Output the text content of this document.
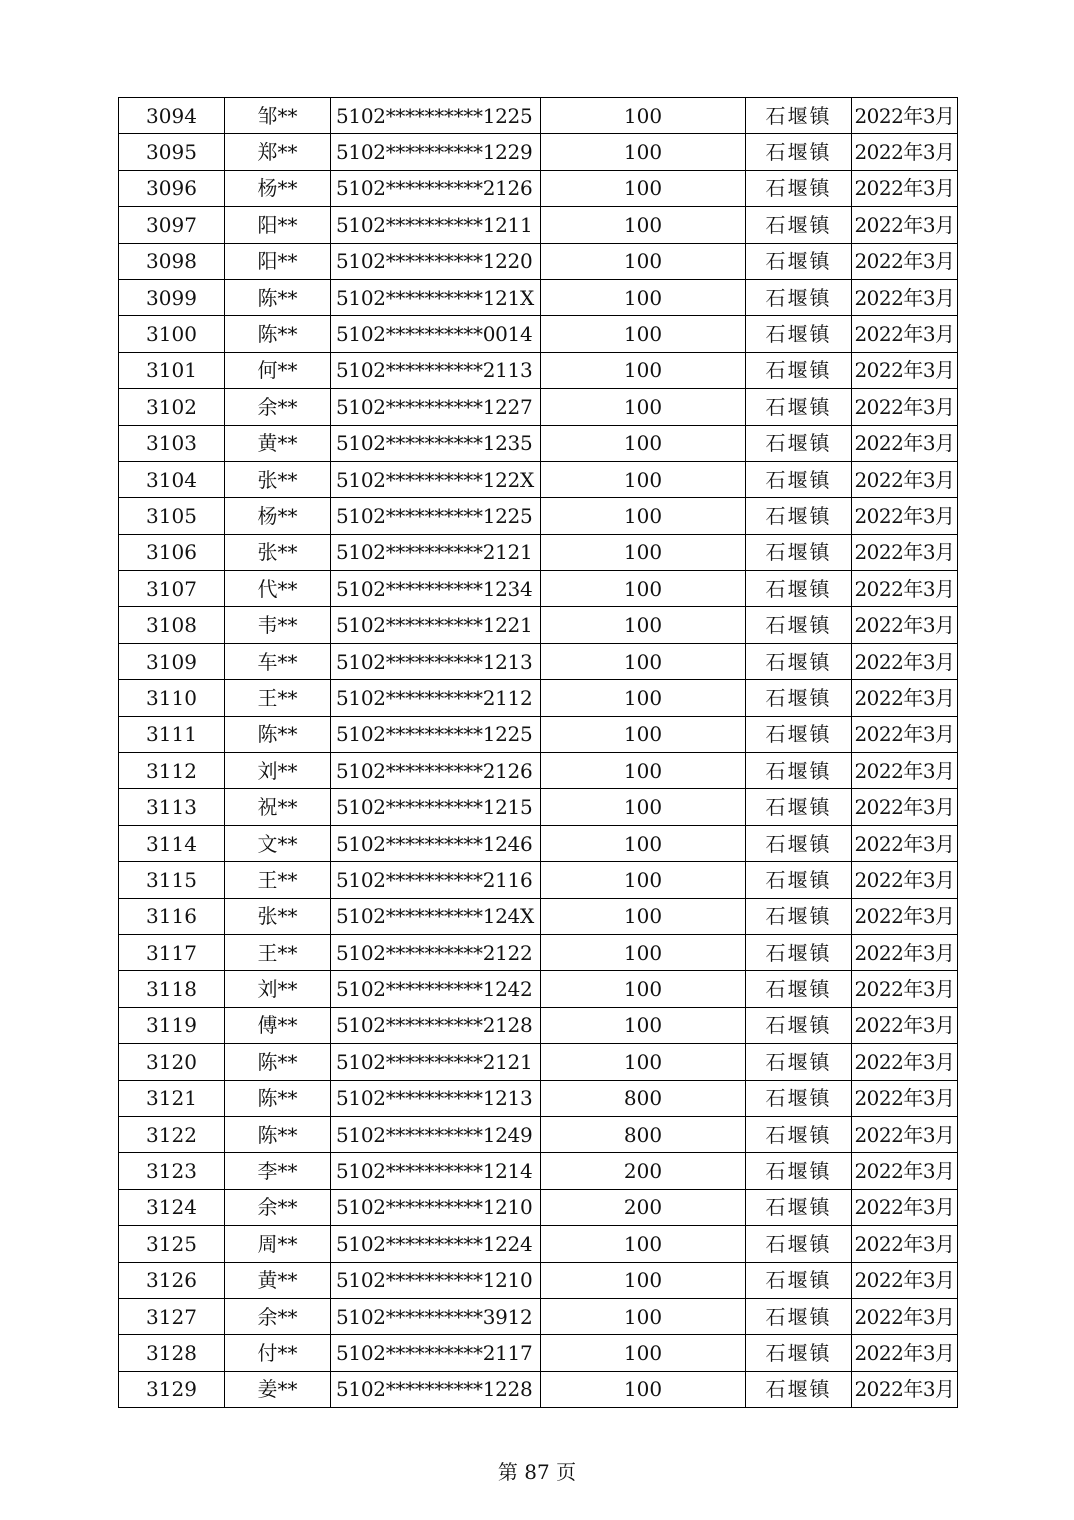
3094	邹**	5102**********1225	100	石堰镇	2022年3月
3095	郑**	5102**********1229	100	石堰镇	2022年3月
3096	杨**	5102**********2126	100	石堰镇	2022年3月
3097	阳**	5102**********1211	100	石堰镇	2022年3月
3098	阳**	5102**********1220	100	石堰镇	2022年3月
3099	陈**	5102**********121X	100	石堰镇	2022年3月
3100	陈**	5102**********0014	100	石堰镇	2022年3月
3101	何**	5102**********2113	100	石堰镇	2022年3月
3102	余**	5102**********1227	100	石堰镇	2022年3月
3103	黄**	5102**********1235	100	石堰镇	2022年3月
3104	张**	5102**********122X	100	石堰镇	2022年3月
3105	杨**	5102**********1225	100	石堰镇	2022年3月
3106	张**	5102**********2121	100	石堰镇	2022年3月
3107	代**	5102**********1234	100	石堰镇	2022年3月
3108	韦**	5102**********1221	100	石堰镇	2022年3月
3109	车**	5102**********1213	100	石堰镇	2022年3月
3110	王**	5102**********2112	100	石堰镇	2022年3月
3111	陈**	5102**********1225	100	石堰镇	2022年3月
3112	刘**	5102**********2126	100	石堰镇	2022年3月
3113	祝**	5102**********1215	100	石堰镇	2022年3月
3114	文**	5102**********1246	100	石堰镇	2022年3月
3115	王**	5102**********2116	100	石堰镇	2022年3月
3116	张**	5102**********124X	100	石堰镇	2022年3月
3117	王**	5102**********2122	100	石堰镇	2022年3月
3118	刘**	5102**********1242	100	石堰镇	2022年3月
3119	傅**	5102**********2128	100	石堰镇	2022年3月
3120	陈**	5102**********2121	100	石堰镇	2022年3月
3121	陈**	5102**********1213	800	石堰镇	2022年3月
3122	陈**	5102**********1249	800	石堰镇	2022年3月
3123	李**	5102**********1214	200	石堰镇	2022年3月
3124	余**	5102**********1210	200	石堰镇	2022年3月
3125	周**	5102**********1224	100	石堰镇	2022年3月
3126	黄**	5102**********1210	100	石堰镇	2022年3月
3127	余**	5102**********3912	100	石堰镇	2022年3月
3128	付**	5102**********2117	100	石堰镇	2022年3月
3129	姜**	5102**********1228	100	石堰镇	2022年3月
第 87 页
